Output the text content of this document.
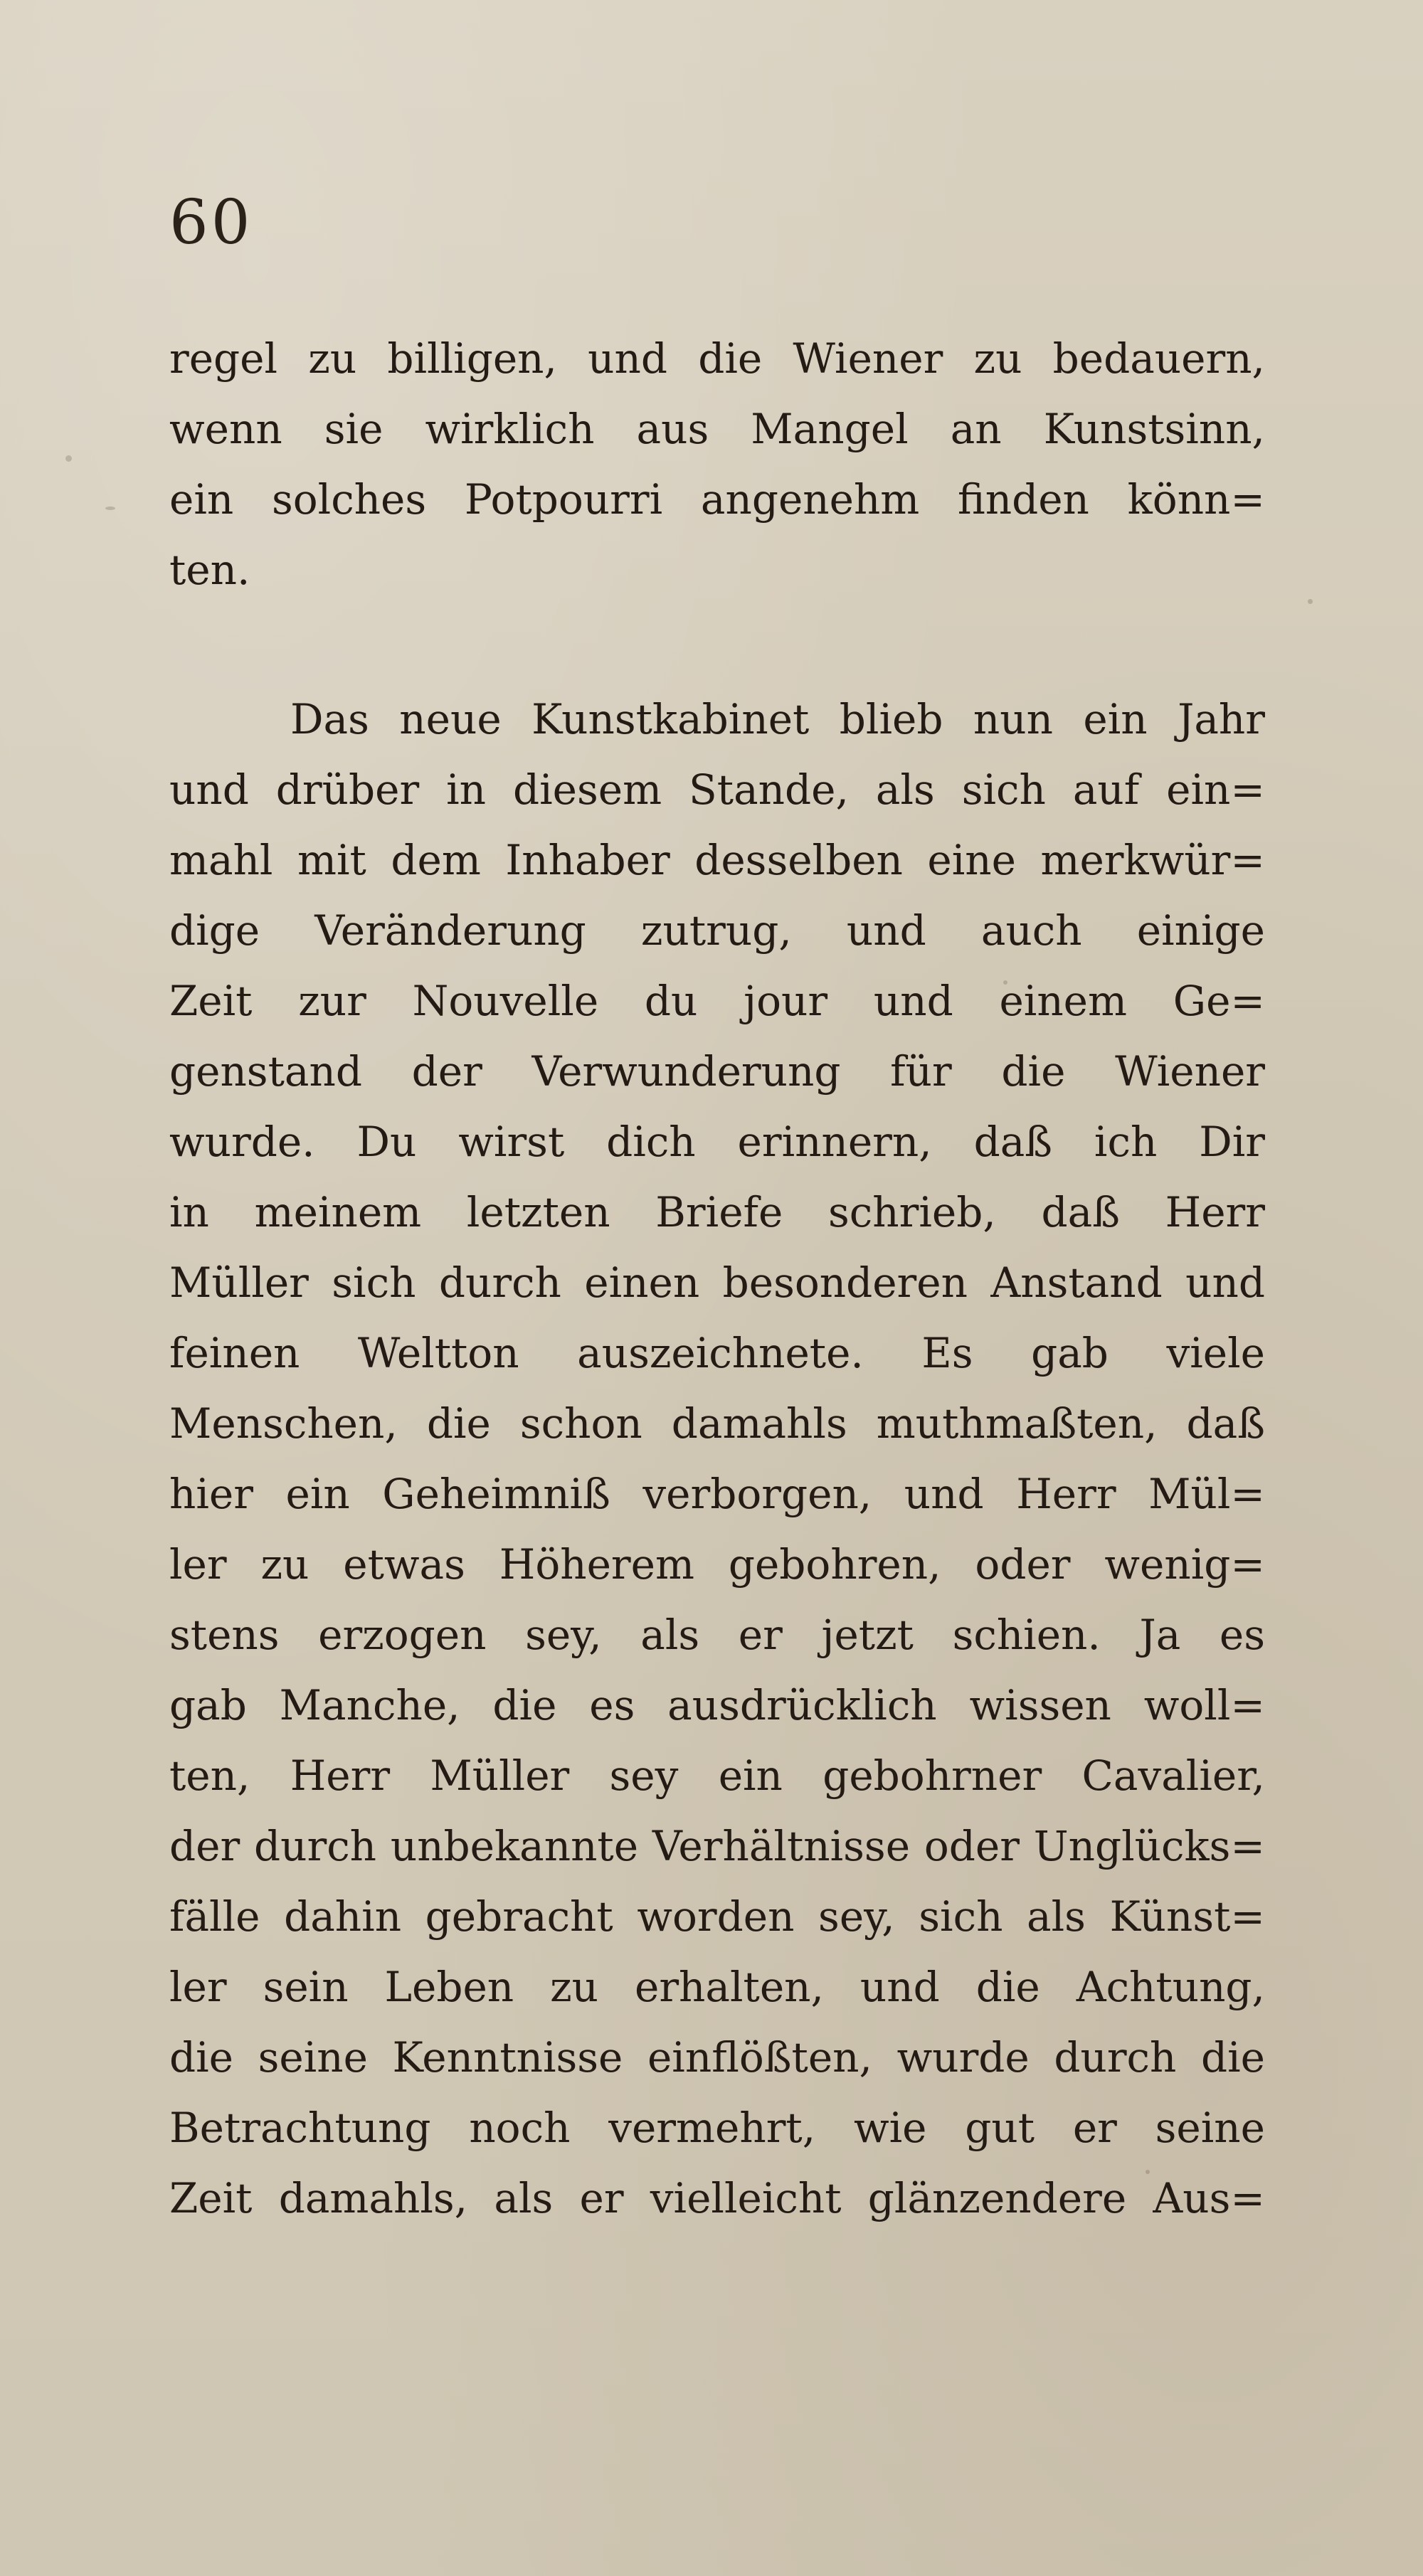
60

regel zu billigen, und die Wiener zu bedauern,
wenn sie wirklich aus Mangel an Kunstsinn,
ein solches Potpourri angenehm finden könn=
ten.

Das neue Kunstkabinet blieb nun ein Jahr
und drüber in diesem Stande, als sich auf ein=
mahl mit dem Inhaber desselben eine merkwür=
dige Veränderung zutrug, und auch einige
Zeit zur Nouvelle du jour und einem Ge=
genstand der Verwunderung für die Wiener
wurde. Du wirst dich erinnern, daß ich Dir
in meinem letzten Briefe schrieb, daß Herr
Müller sich durch einen besonderen Anstand und
feinen Weltton auszeichnete. Es gab viele
Menschen, die schon damahls muthmaßten, daß
hier ein Geheimniß verborgen, und Herr Mül=
ler zu etwas Höherem gebohren, oder wenig=
stens erzogen sey, als er jetzt schien. Ja es
gab Manche, die es ausdrücklich wissen woll=
ten, Herr Müller sey ein gebohrner Cavalier,
der durch unbekannte Verhältnisse oder Unglücks=
fälle dahin gebracht worden sey, sich als Künst=
ler sein Leben zu erhalten, und die Achtung,
die seine Kenntnisse einflößten, wurde durch die
Betrachtung noch vermehrt, wie gut er seine
Zeit damahls, als er vielleicht glänzendere Aus=
